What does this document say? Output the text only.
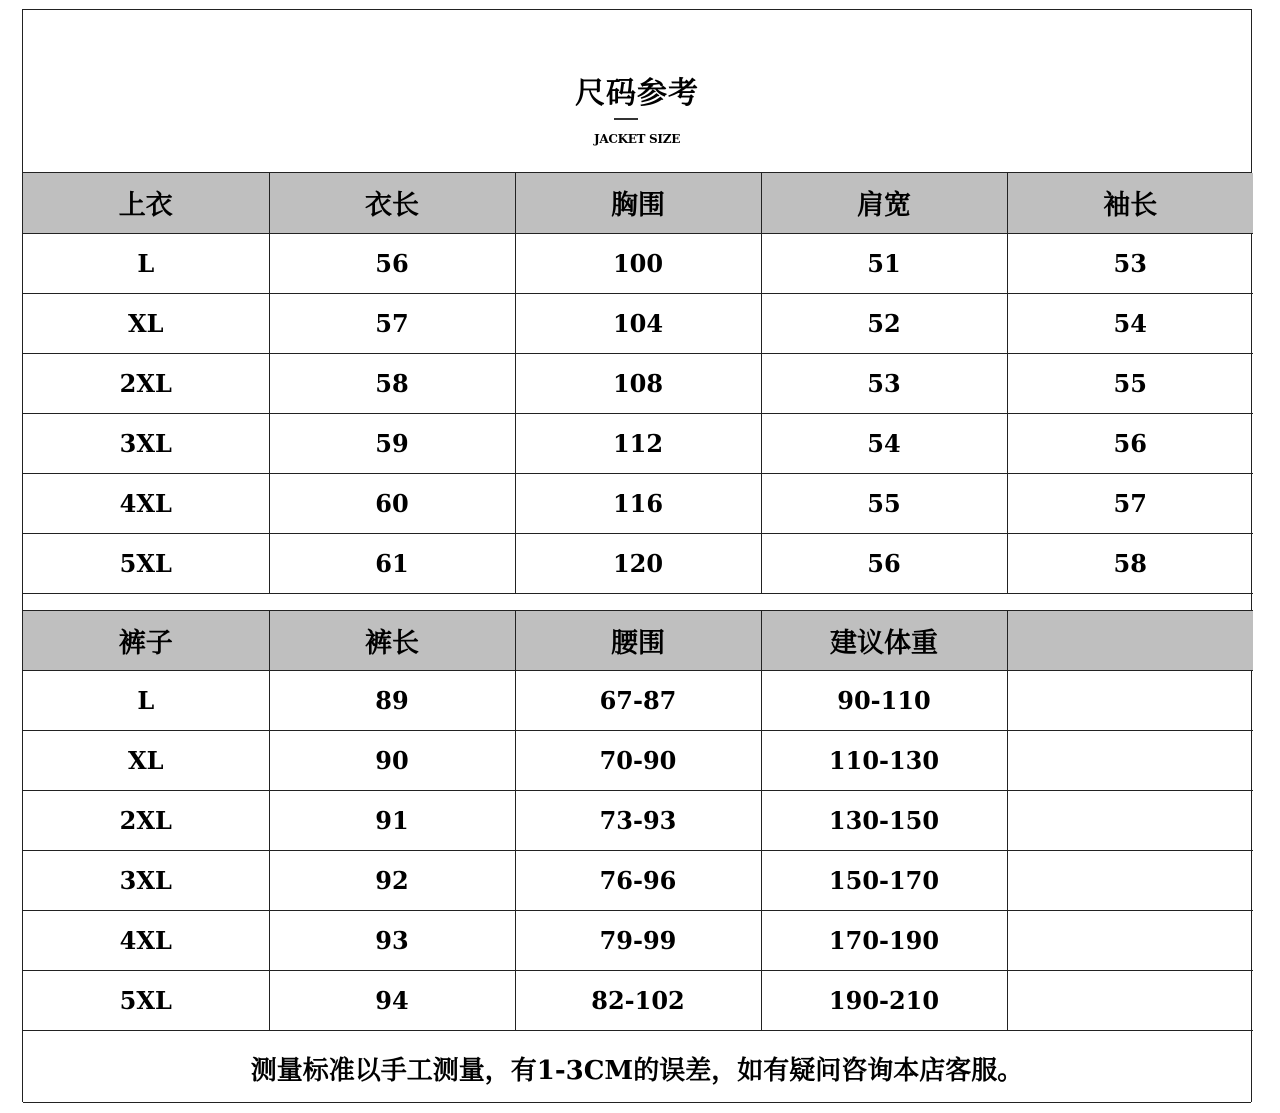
尺码参考
JACKET SIZE
上衣	衣长	胸围	肩宽	袖长
L	56	100	51	53
XL	57	104	52	54
2XL	58	108	53	55
3XL	59	112	54	56
4XL	60	116	55	57
5XL	61	120	56	58
裤子	裤长	腰围	建议体重	
L	89	67-87	90-110	
XL	90	70-90	110-130	
2XL	91	73-93	130-150	
3XL	92	76-96	150-170	
4XL	93	79-99	170-190	
5XL	94	82-102	190-210	
测量标准以手工测量，有1-3CM的误差，如有疑问咨询本店客服。
